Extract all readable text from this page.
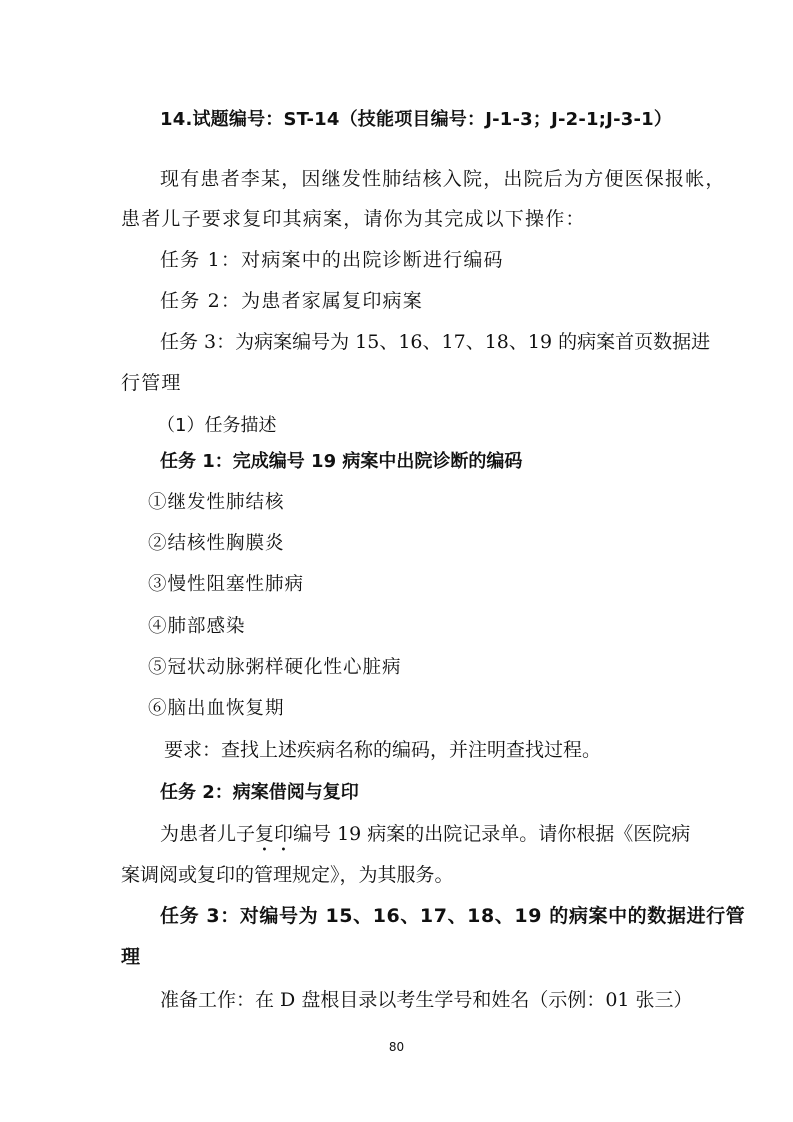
14.试题编号：ST-14（技能项目编号：J-1-3；J-2-1;J-3-1）
现有患者李某，因继发性肺结核入院，出院后为方便医保报帐，
患者儿子要求复印其病案，请你为其完成以下操作：
任务 1：对病案中的出院诊断进行编码
任务 2：为患者家属复印病案
任务 3：为病案编号为 15、16、17、18、19 的病案首页数据进
行管理
（1）任务描述
任务 1：完成编号 19 病案中出院诊断的编码
①继发性肺结核
②结核性胸膜炎
③慢性阻塞性肺病
④肺部感染
⑤冠状动脉粥样硬化性心脏病
⑥脑出血恢复期
要求：查找上述疾病名称的编码，并注明查找过程。
任务 2：病案借阅与复印
为患者儿子复印编号 19 病案的出院记录单。请你根据《医院病
案调阅或复印的管理规定》，为其服务。
任务 3：对编号为 15、16、17、18、19 的病案中的数据进行管
理
准备工作：在 D 盘根目录以考生学号和姓名（示例：01 张三）
80
